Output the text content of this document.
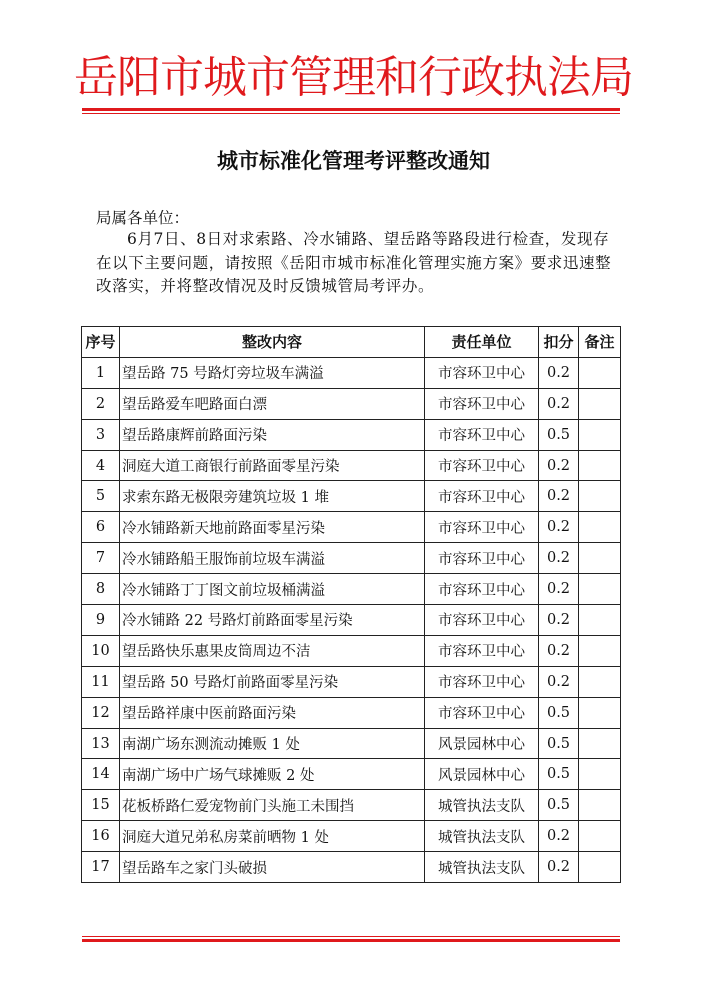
岳阳市城市管理和行政执法局
城市标准化管理考评整改通知
局属各单位：

6月7日、8日对求索路、冷水铺路、望岳路等路段进行检查，发现存在以下主要问题，请按照《岳阳市城市标准化管理实施方案》要求迅速整改落实，并将整改情况及时反馈城管局考评办。

序号	整改内容	责任单位	扣分	备注
1	望岳路 75 号路灯旁垃圾车满溢	市容环卫中心	0.2	
2	望岳路爱车吧路面白漂	市容环卫中心	0.2	
3	望岳路康辉前路面污染	市容环卫中心	0.5	
4	洞庭大道工商银行前路面零星污染	市容环卫中心	0.2	
5	求索东路无极限旁建筑垃圾 1 堆	市容环卫中心	0.2	
6	冷水铺路新天地前路面零星污染	市容环卫中心	0.2	
7	冷水铺路船王服饰前垃圾车满溢	市容环卫中心	0.2	
8	冷水铺路丁丁图文前垃圾桶满溢	市容环卫中心	0.2	
9	冷水铺路 22 号路灯前路面零星污染	市容环卫中心	0.2	
10	望岳路快乐惠果皮筒周边不洁	市容环卫中心	0.2	
11	望岳路 50 号路灯前路面零星污染	市容环卫中心	0.2	
12	望岳路祥康中医前路面污染	市容环卫中心	0.5	
13	南湖广场东测流动摊贩 1 处	风景园林中心	0.5	
14	南湖广场中广场气球摊贩 2 处	风景园林中心	0.5	
15	花板桥路仁爱宠物前门头施工未围挡	城管执法支队	0.5	
16	洞庭大道兄弟私房菜前晒物 1 处	城管执法支队	0.2	
17	望岳路车之家门头破损	城管执法支队	0.2	
